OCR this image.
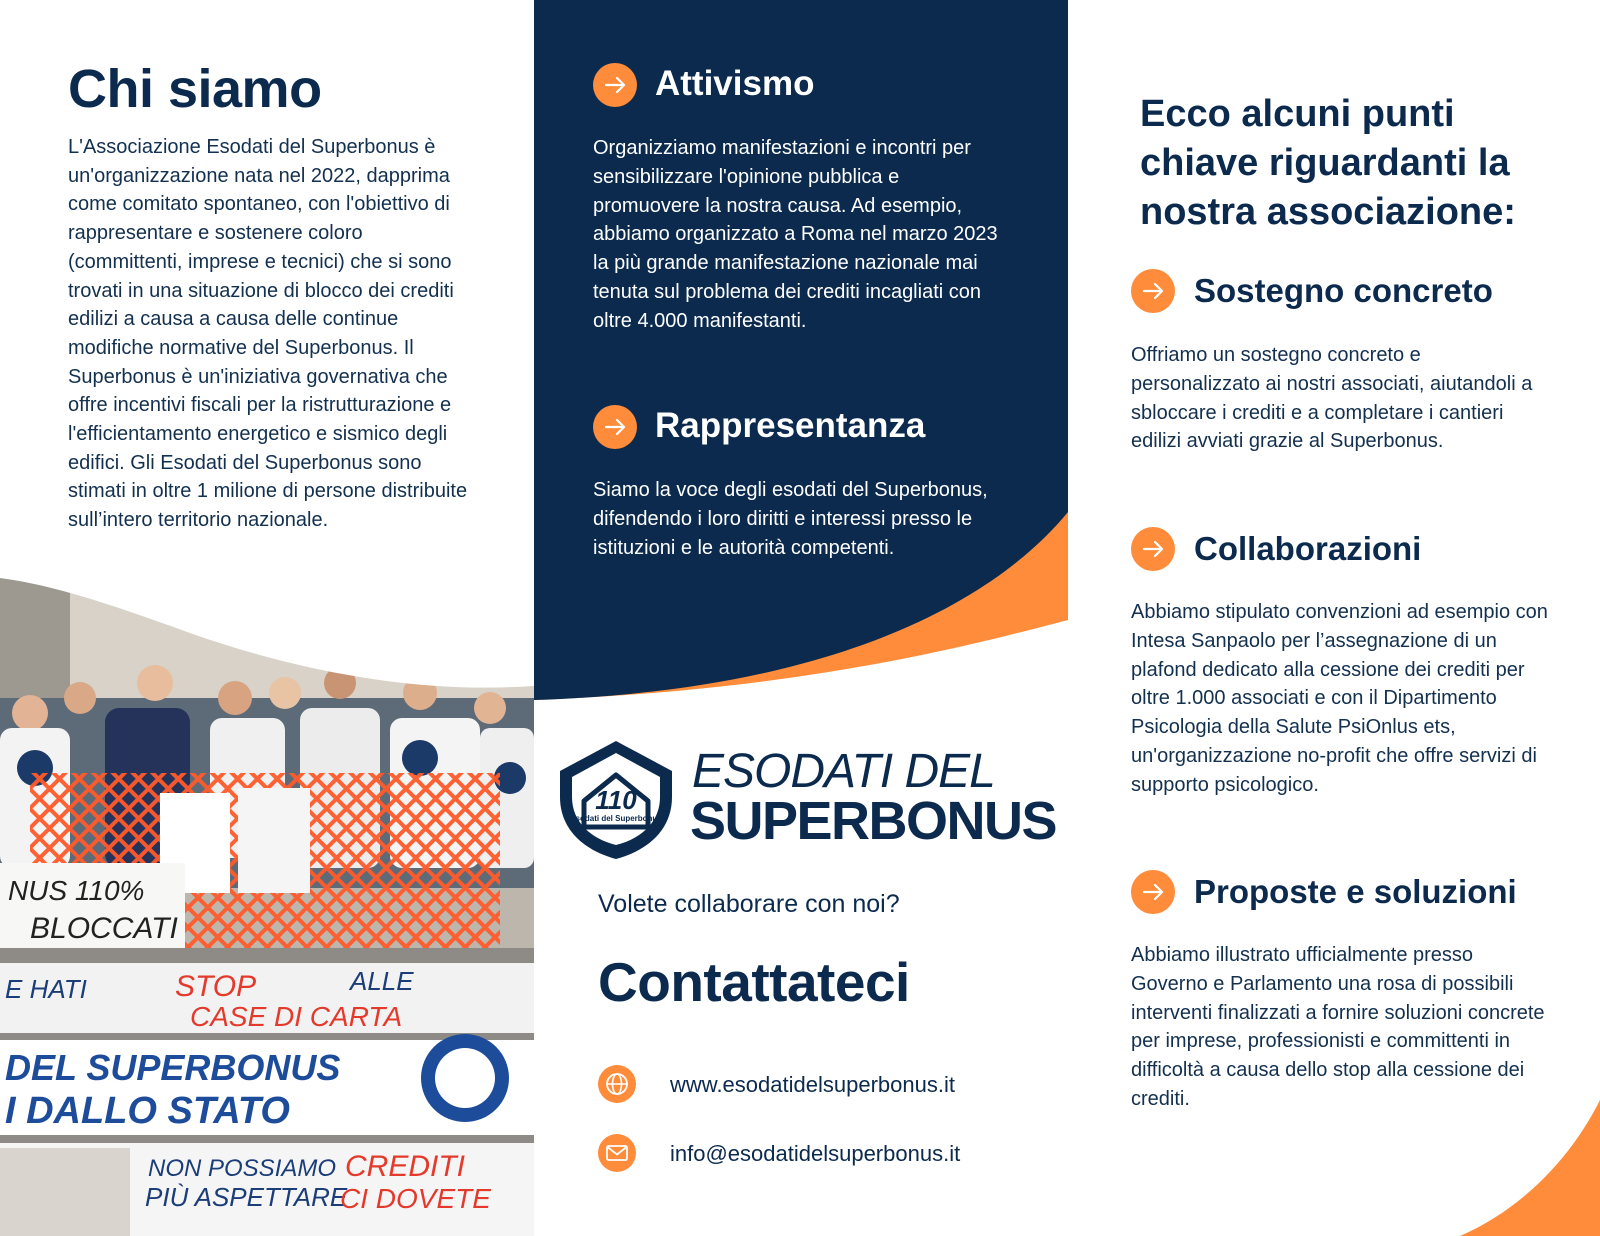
Chi siamo

L'Associazione Esodati del Superbonus è un'organizzazione nata nel 2022, dapprima come comitato spontaneo, con l'obiettivo di rappresentare e sostenere coloro (committenti, imprese e tecnici) che si sono trovati in una situazione di blocco dei crediti edilizi a causa a causa delle continue modifiche normative del Superbonus. Il Superbonus è un'iniziativa governativa che offre incentivi fiscali per la ristrutturazione e l'efficientamento energetico e sismico degli edifici. Gli Esodati del Superbonus sono stimati in oltre 1 milione di persone distribuite sull’intero territorio nazionale.

NUS 110%
BLOCCATI
E HATI	STOP	ALLE
CASE DI CARTA
DEL SUPERBONUS
I DALLO STATO
NON POSSIAMO
PIÙ ASPETTARE
CREDITI
CI DOVETE
Attivismo

Organizziamo manifestazioni e incontri per sensibilizzare l'opinione pubblica e promuovere la nostra causa. Ad esempio, abbiamo organizzato a Roma nel marzo 2023 la più grande manifestazione nazionale mai tenuta sul problema dei crediti incagliati con oltre 4.000 manifestanti.

Rappresentanza

Siamo la voce degli esodati del Superbonus, difendendo i loro diritti e interessi presso le istituzioni e le autorità competenti.

110
Esodati del Superbonus
ESODATI DEL
SUPERBONUS
Volete collaborare con noi?
Contattateci
www.esodatidelsuperbonus.it
info@esodatidelsuperbonus.it
Ecco alcuni punti chiave riguardanti la nostra associazione:
Sostegno concreto

Offriamo un sostegno concreto e personalizzato ai nostri associati, aiutandoli a sbloccare i crediti e a completare i cantieri edilizi avviati grazie al Superbonus.

Collaborazioni

Abbiamo stipulato convenzioni ad esempio con Intesa Sanpaolo per l’assegnazione di un plafond dedicato alla cessione dei crediti per oltre 1.000 associati e con il Dipartimento Psicologia della Salute PsiOnlus ets, un'organizzazione no-profit che offre servizi di supporto psicologico.

Proposte e soluzioni

Abbiamo illustrato ufficialmente presso Governo e Parlamento una rosa di possibili interventi finalizzati a fornire soluzioni concrete per imprese, professionisti e committenti in difficoltà a causa dello stop alla cessione dei crediti.
